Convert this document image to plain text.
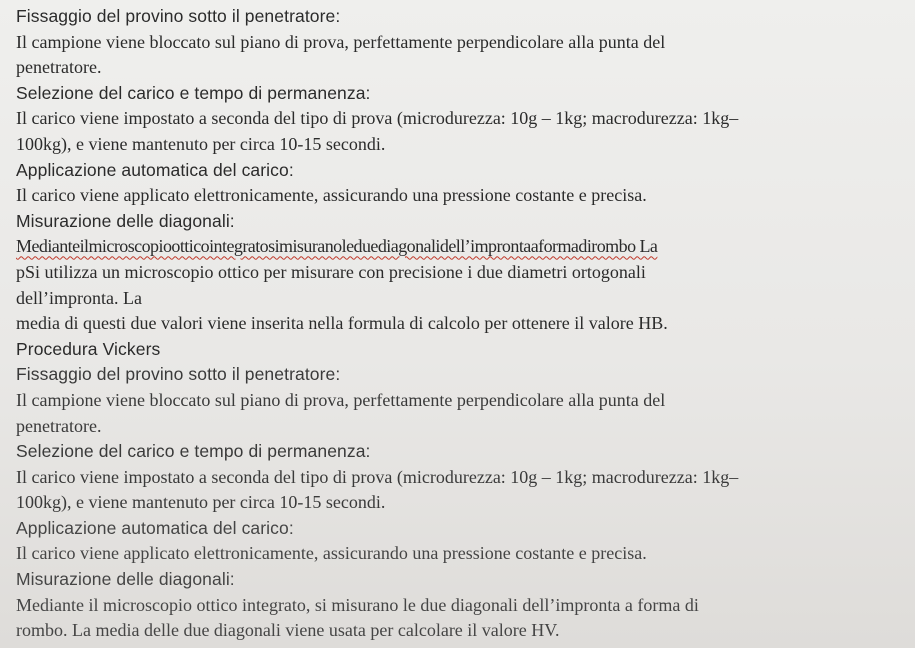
Fissaggio del provino sotto il penetratore:
Il campione viene bloccato sul piano di prova, perfettamente perpendicolare alla punta del
penetratore.
Selezione del carico e tempo di permanenza:
Il carico viene impostato a seconda del tipo di prova (microdurezza: 10g – 1kg; macrodurezza: 1kg–
100kg), e viene mantenuto per circa 10-15 secondi.
Applicazione automatica del carico:
Il carico viene applicato elettronicamente, assicurando una pressione costante e precisa.
Misurazione delle diagonali:
Medianteilmicroscopiootticointegratosimisuranoleduediagonalidell’improntaaformadirombo La
pSi utilizza un microscopio ottico per misurare con precisione i due diametri ortogonali
dell’impronta. La
media di questi due valori viene inserita nella formula di calcolo per ottenere il valore HB.
Procedura Vickers
Fissaggio del provino sotto il penetratore:
Il campione viene bloccato sul piano di prova, perfettamente perpendicolare alla punta del
penetratore.
Selezione del carico e tempo di permanenza:
Il carico viene impostato a seconda del tipo di prova (microdurezza: 10g – 1kg; macrodurezza: 1kg–
100kg), e viene mantenuto per circa 10-15 secondi.
Applicazione automatica del carico:
Il carico viene applicato elettronicamente, assicurando una pressione costante e precisa.
Misurazione delle diagonali:
Mediante il microscopio ottico integrato, si misurano le due diagonali dell’impronta a forma di
rombo. La media delle due diagonali viene usata per calcolare il valore HV.
